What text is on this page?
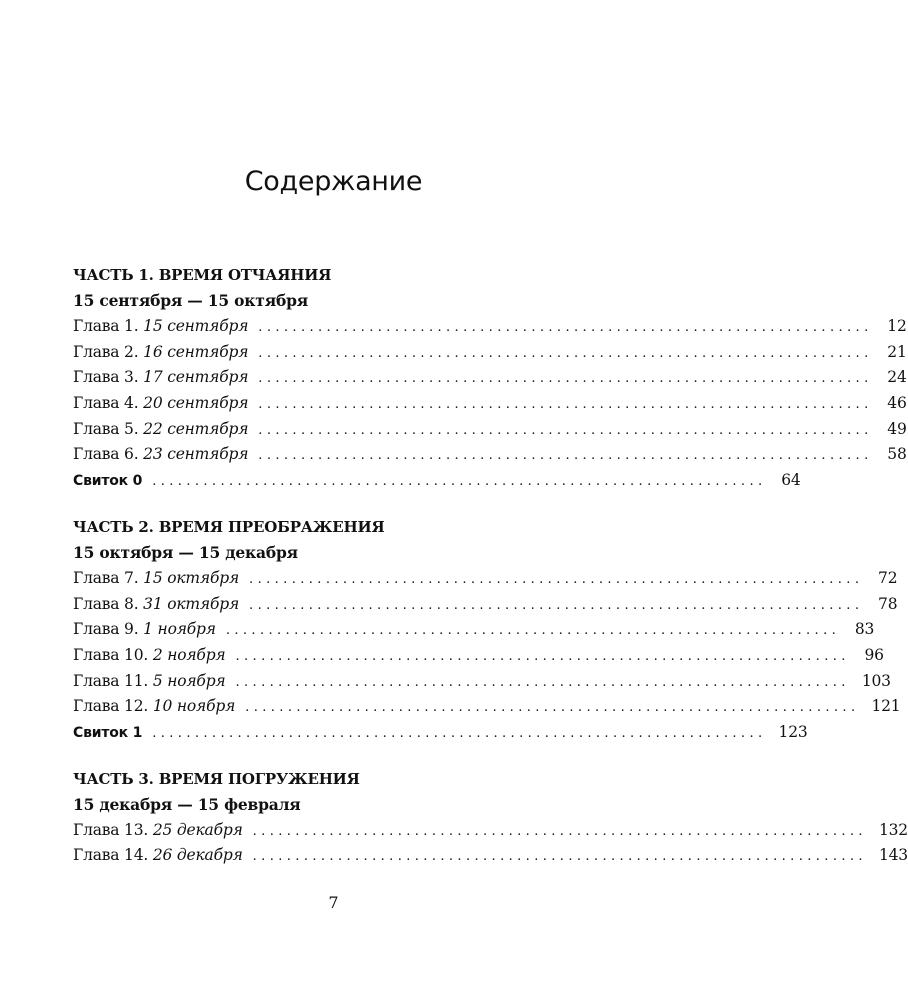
Содержание
ЧАСТЬ 1. ВРЕМЯ ОТЧАЯНИЯ
15 сентября — 15 октября
Глава 1. 15 сентября ........................................................................ 12
Глава 2. 16 сентября ........................................................................ 21
Глава 3. 17 сентября ........................................................................ 24
Глава 4. 20 сентября ........................................................................ 46
Глава 5. 22 сентября ........................................................................ 49
Глава 6. 23 сентября ........................................................................ 58
Свиток 0 ........................................................................ 64
ЧАСТЬ 2. ВРЕМЯ ПРЕОБРАЖЕНИЯ
15 октября — 15 декабря
Глава 7. 15 октября ........................................................................ 72
Глава 8. 31 октября ........................................................................ 78
Глава 9. 1 ноября ........................................................................ 83
Глава 10. 2 ноября ........................................................................ 96
Глава 11. 5 ноября ........................................................................ 103
Глава 12. 10 ноября ........................................................................ 121
Свиток 1 ........................................................................ 123
ЧАСТЬ 3. ВРЕМЯ ПОГРУЖЕНИЯ
15 декабря — 15 февраля
Глава 13. 25 декабря ........................................................................ 132
Глава 14. 26 декабря ........................................................................ 143
7
